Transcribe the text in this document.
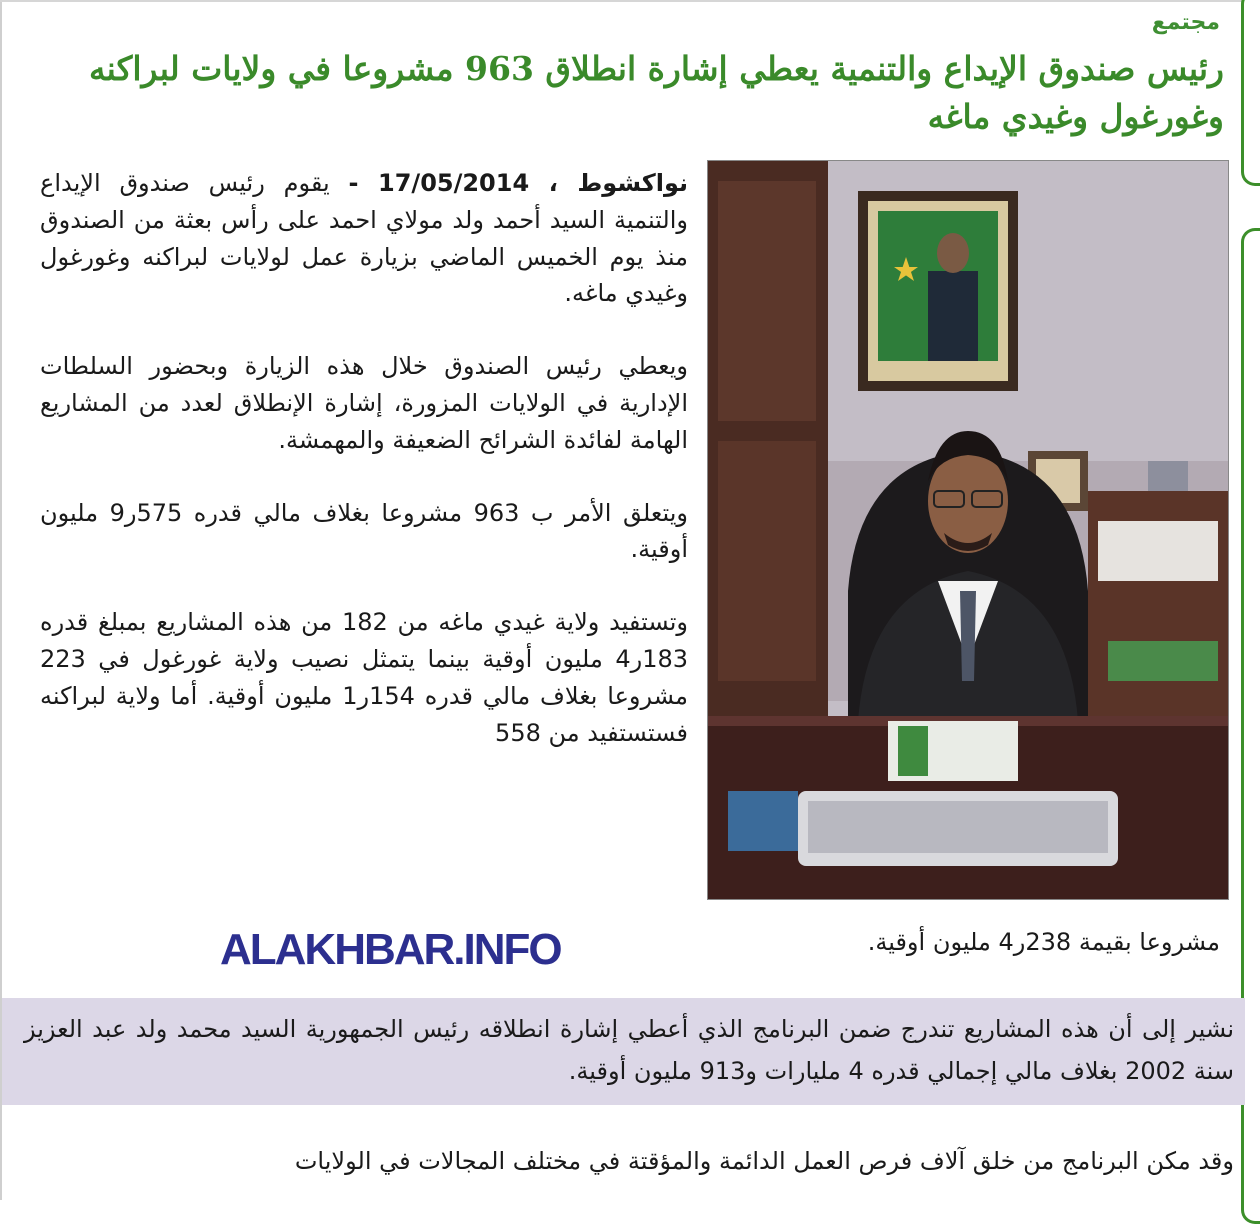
مجتمع
رئيس صندوق الإيداع والتنمية يعطي إشارة انطلاق 963 مشروعا في ولايات لبراكنه وغورغول وغيدي ماغه

نواكشوط ، 17/05/2014 - يقوم رئيس صندوق الإيداع والتنمية السيد أحمد ولد مولاي احمد على رأس بعثة من الصندوق منذ يوم الخميس الماضي بزيارة عمل لولايات لبراكنه وغورغول وغيدي ماغه.

ويعطي رئيس الصندوق خلال هذه الزيارة وبحضور السلطات الإدارية في الولايات المزورة، إشارة الإنطلاق لعدد من المشاريع الهامة لفائدة الشرائح الضعيفة والمهمشة.

ويتعلق الأمر ب 963 مشروعا بغلاف مالي قدره 575ر9 مليون أوقية.

وتستفيد ولاية غيدي ماغه من 182 من هذه المشاريع بمبلغ قدره 183ر4 مليون أوقية بينما يتمثل نصيب ولاية غورغول في 223 مشروعا بغلاف مالي قدره 154ر1 مليون أوقية. أما ولاية لبراكنه فستستفيد من 558

مشروعا بقيمة 238ر4 مليون أوقية.
ALAKHBAR.INFO
نشير إلى أن هذه المشاريع تندرج ضمن البرنامج الذي أعطي إشارة انطلاقه رئيس الجمهورية السيد محمد ولد عبد العزيز سنة 2002 بغلاف مالي إجمالي قدره 4 مليارات و913 مليون أوقية.
وقد مكن البرنامج من خلق آلاف فرص العمل الدائمة والمؤقتة في مختلف المجالات في الولايات
